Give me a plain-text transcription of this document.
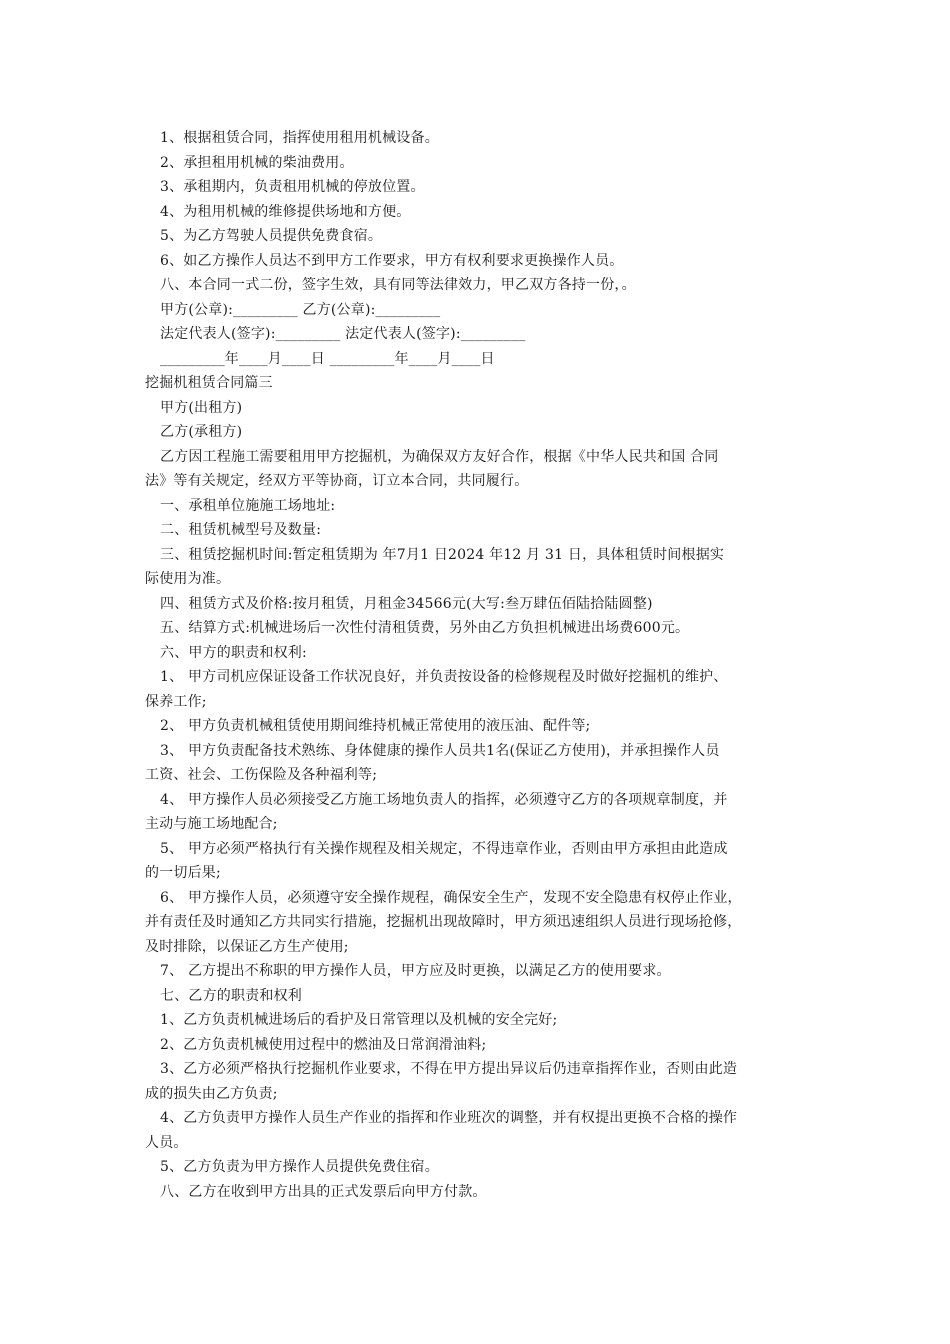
1、根据租赁合同，指挥使用租用机械设备。
2、承担租用机械的柴油费用。
3、承租期内，负责租用机械的停放位置。
4、为租用机械的维修提供场地和方便。
5、为乙方驾驶人员提供免费食宿。
6、如乙方操作人员达不到甲方工作要求，甲方有权利要求更换操作人员。
八、本合同一式二份，签字生效，具有同等法律效力，甲乙双方各持一份，。
甲方(公章):_________ 乙方(公章):_________
法定代表人(签字):_________ 法定代表人(签字):_________
_________年____月____日 _________年____月____日
挖掘机租赁合同篇三
甲方(出租方)
乙方(承租方)
乙方因工程施工需要租用甲方挖掘机，为确保双方友好合作，根据《中华人民共和国 合同
法》等有关规定，经双方平等协商，订立本合同，共同履行。
一、承租单位施施工场地址:
二、租赁机械型号及数量:
三、租赁挖掘机时间:暂定租赁期为 年7月1 日2024 年12 月 31 日，具体租赁时间根据实
际使用为准。
四、租赁方式及价格:按月租赁，月租金34566元(大写:叁万肆伍佰陆拾陆圆整)
五、结算方式:机械进场后一次性付清租赁费，另外由乙方负担机械进出场费600元。
六、甲方的职责和权利:
1、 甲方司机应保证设备工作状况良好，并负责按设备的检修规程及时做好挖掘机的维护、
保养工作;
2、 甲方负责机械租赁使用期间维持机械正常使用的液压油、配件等;
3、 甲方负责配备技术熟练、身体健康的操作人员共1名(保证乙方使用)，并承担操作人员
工资、社会、工伤保险及各种福利等;
4、 甲方操作人员必须接受乙方施工场地负责人的指挥，必须遵守乙方的各项规章制度，并
主动与施工场地配合;
5、 甲方必须严格执行有关操作规程及相关规定，不得违章作业，否则由甲方承担由此造成
的一切后果;
6、 甲方操作人员，必须遵守安全操作规程，确保安全生产，发现不安全隐患有权停止作业，
并有责任及时通知乙方共同实行措施，挖掘机出现故障时，甲方须迅速组织人员进行现场抢修，
及时排除，以保证乙方生产使用;
7、 乙方提出不称职的甲方操作人员，甲方应及时更换，以满足乙方的使用要求。
七、乙方的职责和权利
1、乙方负责机械进场后的看护及日常管理以及机械的安全完好;
2、乙方负责机械使用过程中的燃油及日常润滑油料;
3、乙方必须严格执行挖掘机作业要求，不得在甲方提出异议后仍违章指挥作业，否则由此造
成的损失由乙方负责;
4、乙方负责甲方操作人员生产作业的指挥和作业班次的调整，并有权提出更换不合格的操作
人员。
5、乙方负责为甲方操作人员提供免费住宿。
八、乙方在收到甲方出具的正式发票后向甲方付款。
